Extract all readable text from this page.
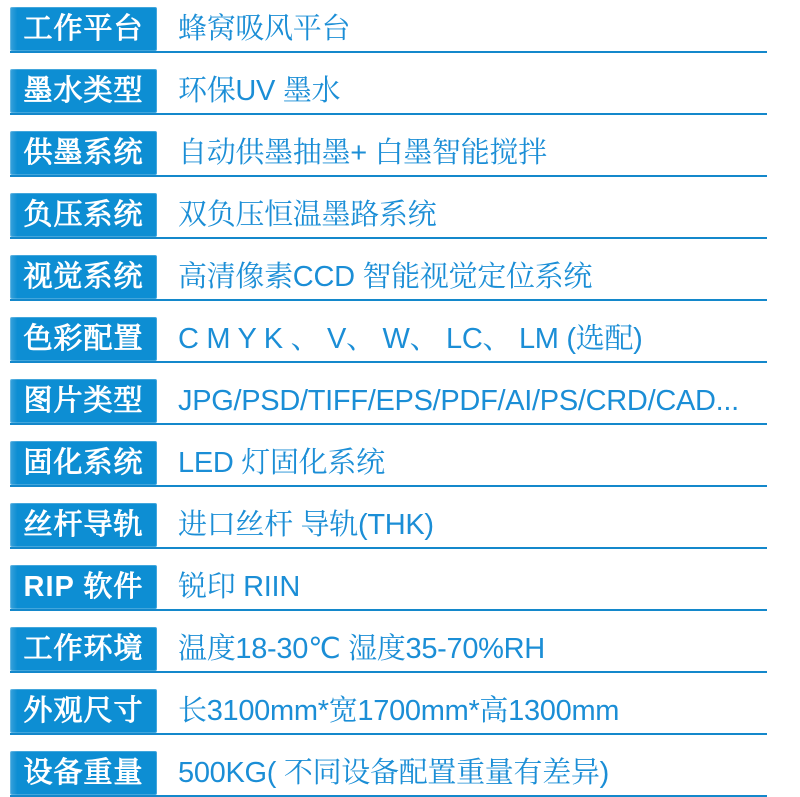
工作平台 蜂窝吸风平台
墨水类型 环保UV 墨水
供墨系统 自动供墨抽墨+ 白墨智能搅拌
负压系统 双负压恒温墨路系统
视觉系统 高清像素CCD 智能视觉定位系统
色彩配置 C M Y K 、 V、 W、 LC、 LM (选配)
图片类型 JPG/PSD/TIFF/EPS/PDF/AI/PS/CRD/CAD...
固化系统 LED 灯固化系统
丝杆导轨 进口丝杆 导轨(THK)
RIP 软件 锐印 RIIN
工作环境 温度18-30℃ 湿度35-70%RH
外观尺寸 长3100mm*宽1700mm*高1300mm
设备重量 500KG( 不同设备配置重量有差异)
